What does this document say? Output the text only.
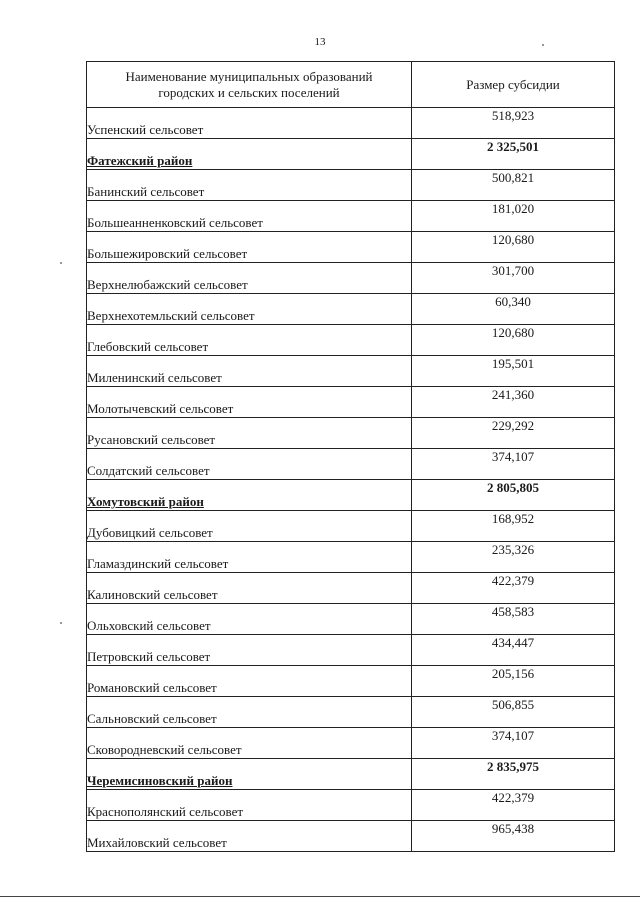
13
Наименование муниципальных образований городских и сельских поселений	Размер субсидии
Успенский сельсовет	518,923
Фатежский район	2 325,501
Банинский сельсовет	500,821
Большеанненковский сельсовет	181,020
Большежировский сельсовет	120,680
Верхнелюбажский сельсовет	301,700
Верхнехотемльский сельсовет	60,340
Глебовский сельсовет	120,680
Миленинский сельсовет	195,501
Молотычевский сельсовет	241,360
Русановский сельсовет	229,292
Солдатский сельсовет	374,107
Хомутовский район	2 805,805
Дубовицкий сельсовет	168,952
Гламаздинский сельсовет	235,326
Калиновский сельсовет	422,379
Ольховский сельсовет	458,583
Петровский сельсовет	434,447
Романовский сельсовет	205,156
Сальновский сельсовет	506,855
Сковородневский сельсовет	374,107
Черемисиновский район	2 835,975
Краснополянский сельсовет	422,379
Михайловский сельсовет	965,438
